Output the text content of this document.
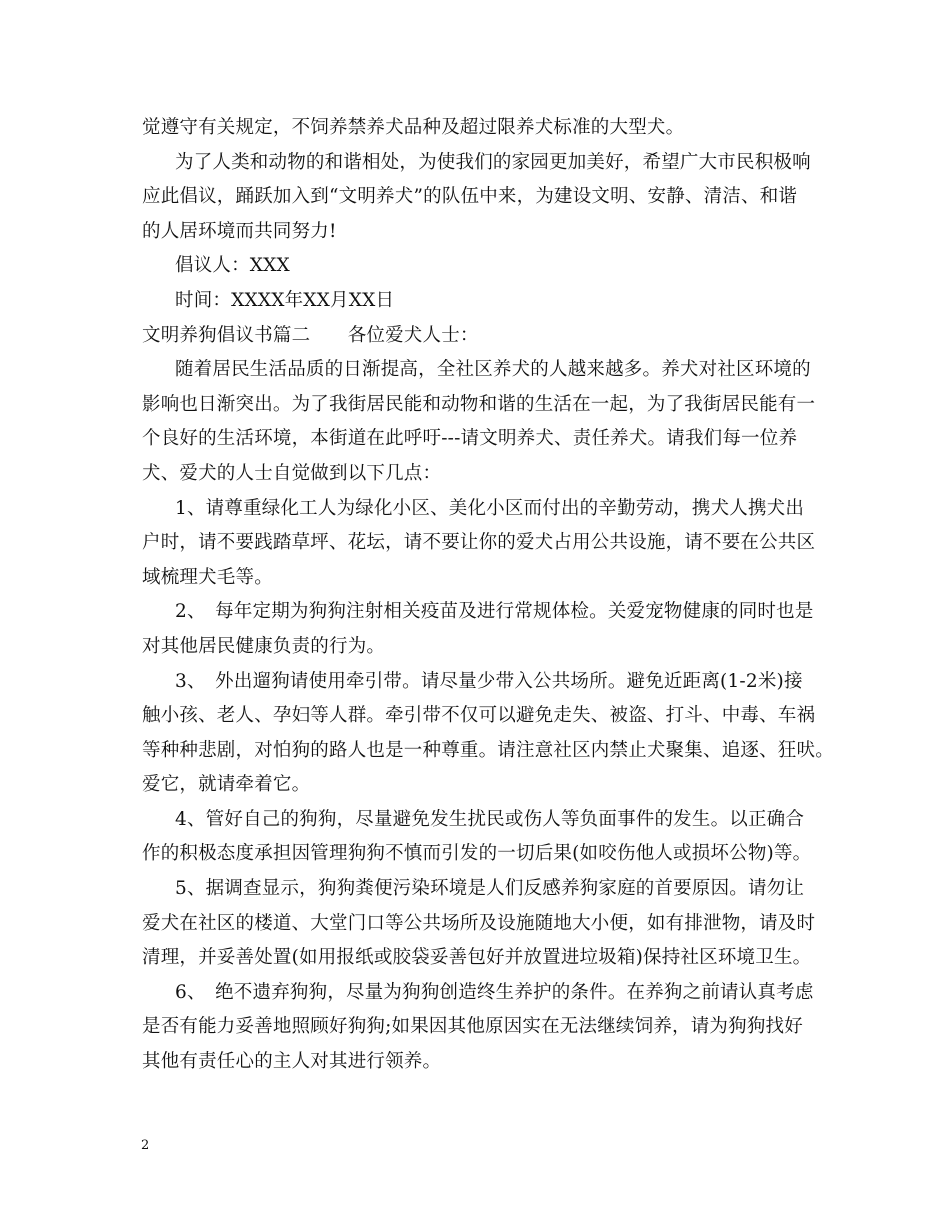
觉遵守有关规定，不饲养禁养犬品种及超过限养犬标准的大型犬。
为了人类和动物的和谐相处，为使我们的家园更加美好，希望广大市民积极响
应此倡议，踊跃加入到“文明养犬”的队伍中来，为建设文明、安静、清洁、和谐
的人居环境而共同努力!
倡议人：XXX
时间：XXXX年XX月XX日
文明养狗倡议书篇二　　各位爱犬人士：
随着居民生活品质的日渐提高，全社区养犬的人越来越多。养犬对社区环境的
影响也日渐突出。为了我街居民能和动物和谐的生活在一起，为了我街居民能有一
个良好的生活环境，本街道在此呼吁---请文明养犬、责任养犬。请我们每一位养
犬、爱犬的人士自觉做到以下几点：
1、请尊重绿化工人为绿化小区、美化小区而付出的辛勤劳动，携犬人携犬出
户时，请不要践踏草坪、花坛，请不要让你的爱犬占用公共设施，请不要在公共区
域梳理犬毛等。
2、　每年定期为狗狗注射相关疫苗及进行常规体检。关爱宠物健康的同时也是
对其他居民健康负责的行为。
3、　外出遛狗请使用牵引带。请尽量少带入公共场所。避免近距离(1-2米)接
触小孩、老人、孕妇等人群。牵引带不仅可以避免走失、被盗、打斗、中毒、车祸
等种种悲剧，对怕狗的路人也是一种尊重。请注意社区内禁止犬聚集、追逐、狂吠。
爱它，就请牵着它。
4、管好自己的狗狗，尽量避免发生扰民或伤人等负面事件的发生。以正确合
作的积极态度承担因管理狗狗不慎而引发的一切后果(如咬伤他人或损坏公物)等。
5、据调查显示，狗狗粪便污染环境是人们反感养狗家庭的首要原因。请勿让
爱犬在社区的楼道、大堂门口等公共场所及设施随地大小便，如有排泄物，请及时
清理，并妥善处置(如用报纸或胶袋妥善包好并放置进垃圾箱)保持社区环境卫生。
6、　绝不遗弃狗狗，尽量为狗狗创造终生养护的条件。在养狗之前请认真考虑
是否有能力妥善地照顾好狗狗;如果因其他原因实在无法继续饲养，请为狗狗找好
其他有责任心的主人对其进行领养。
2
